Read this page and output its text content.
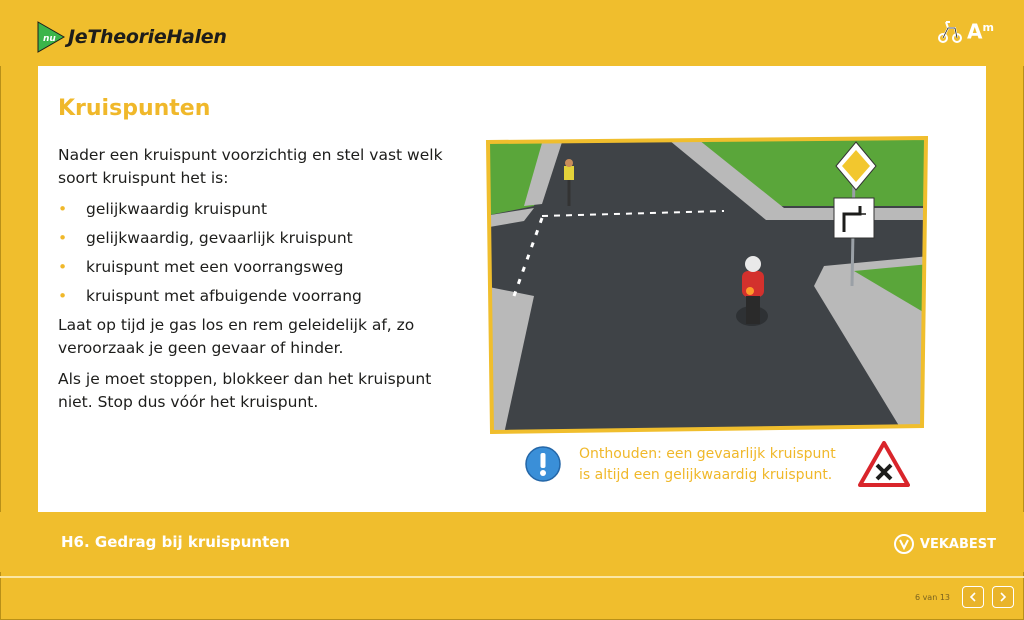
nu JeTheorieHalen	$A^m$
Kruispunten

Nader een kruispunt voorzichtig en stel vast welk soort kruispunt het is:

• gelijkwaardig kruispunt
• gelijkwaardig, gevaarlijk kruispunt
• kruispunt met een voorrangsweg
• kruispunt met afbuigende voorrang

Laat op tijd je gas los en rem geleidelijk af, zo veroorzaak je geen gevaar of hinder.

Als je moet stoppen, blokkeer dan het kruispunt niet. Stop dus vóór het kruispunt.

Onthouden: een gevaarlijk kruispunt
is altijd een gelijkwaardig kruispunt.
H6. Gedrag bij kruispunten	VEKABEST
6 van 13
